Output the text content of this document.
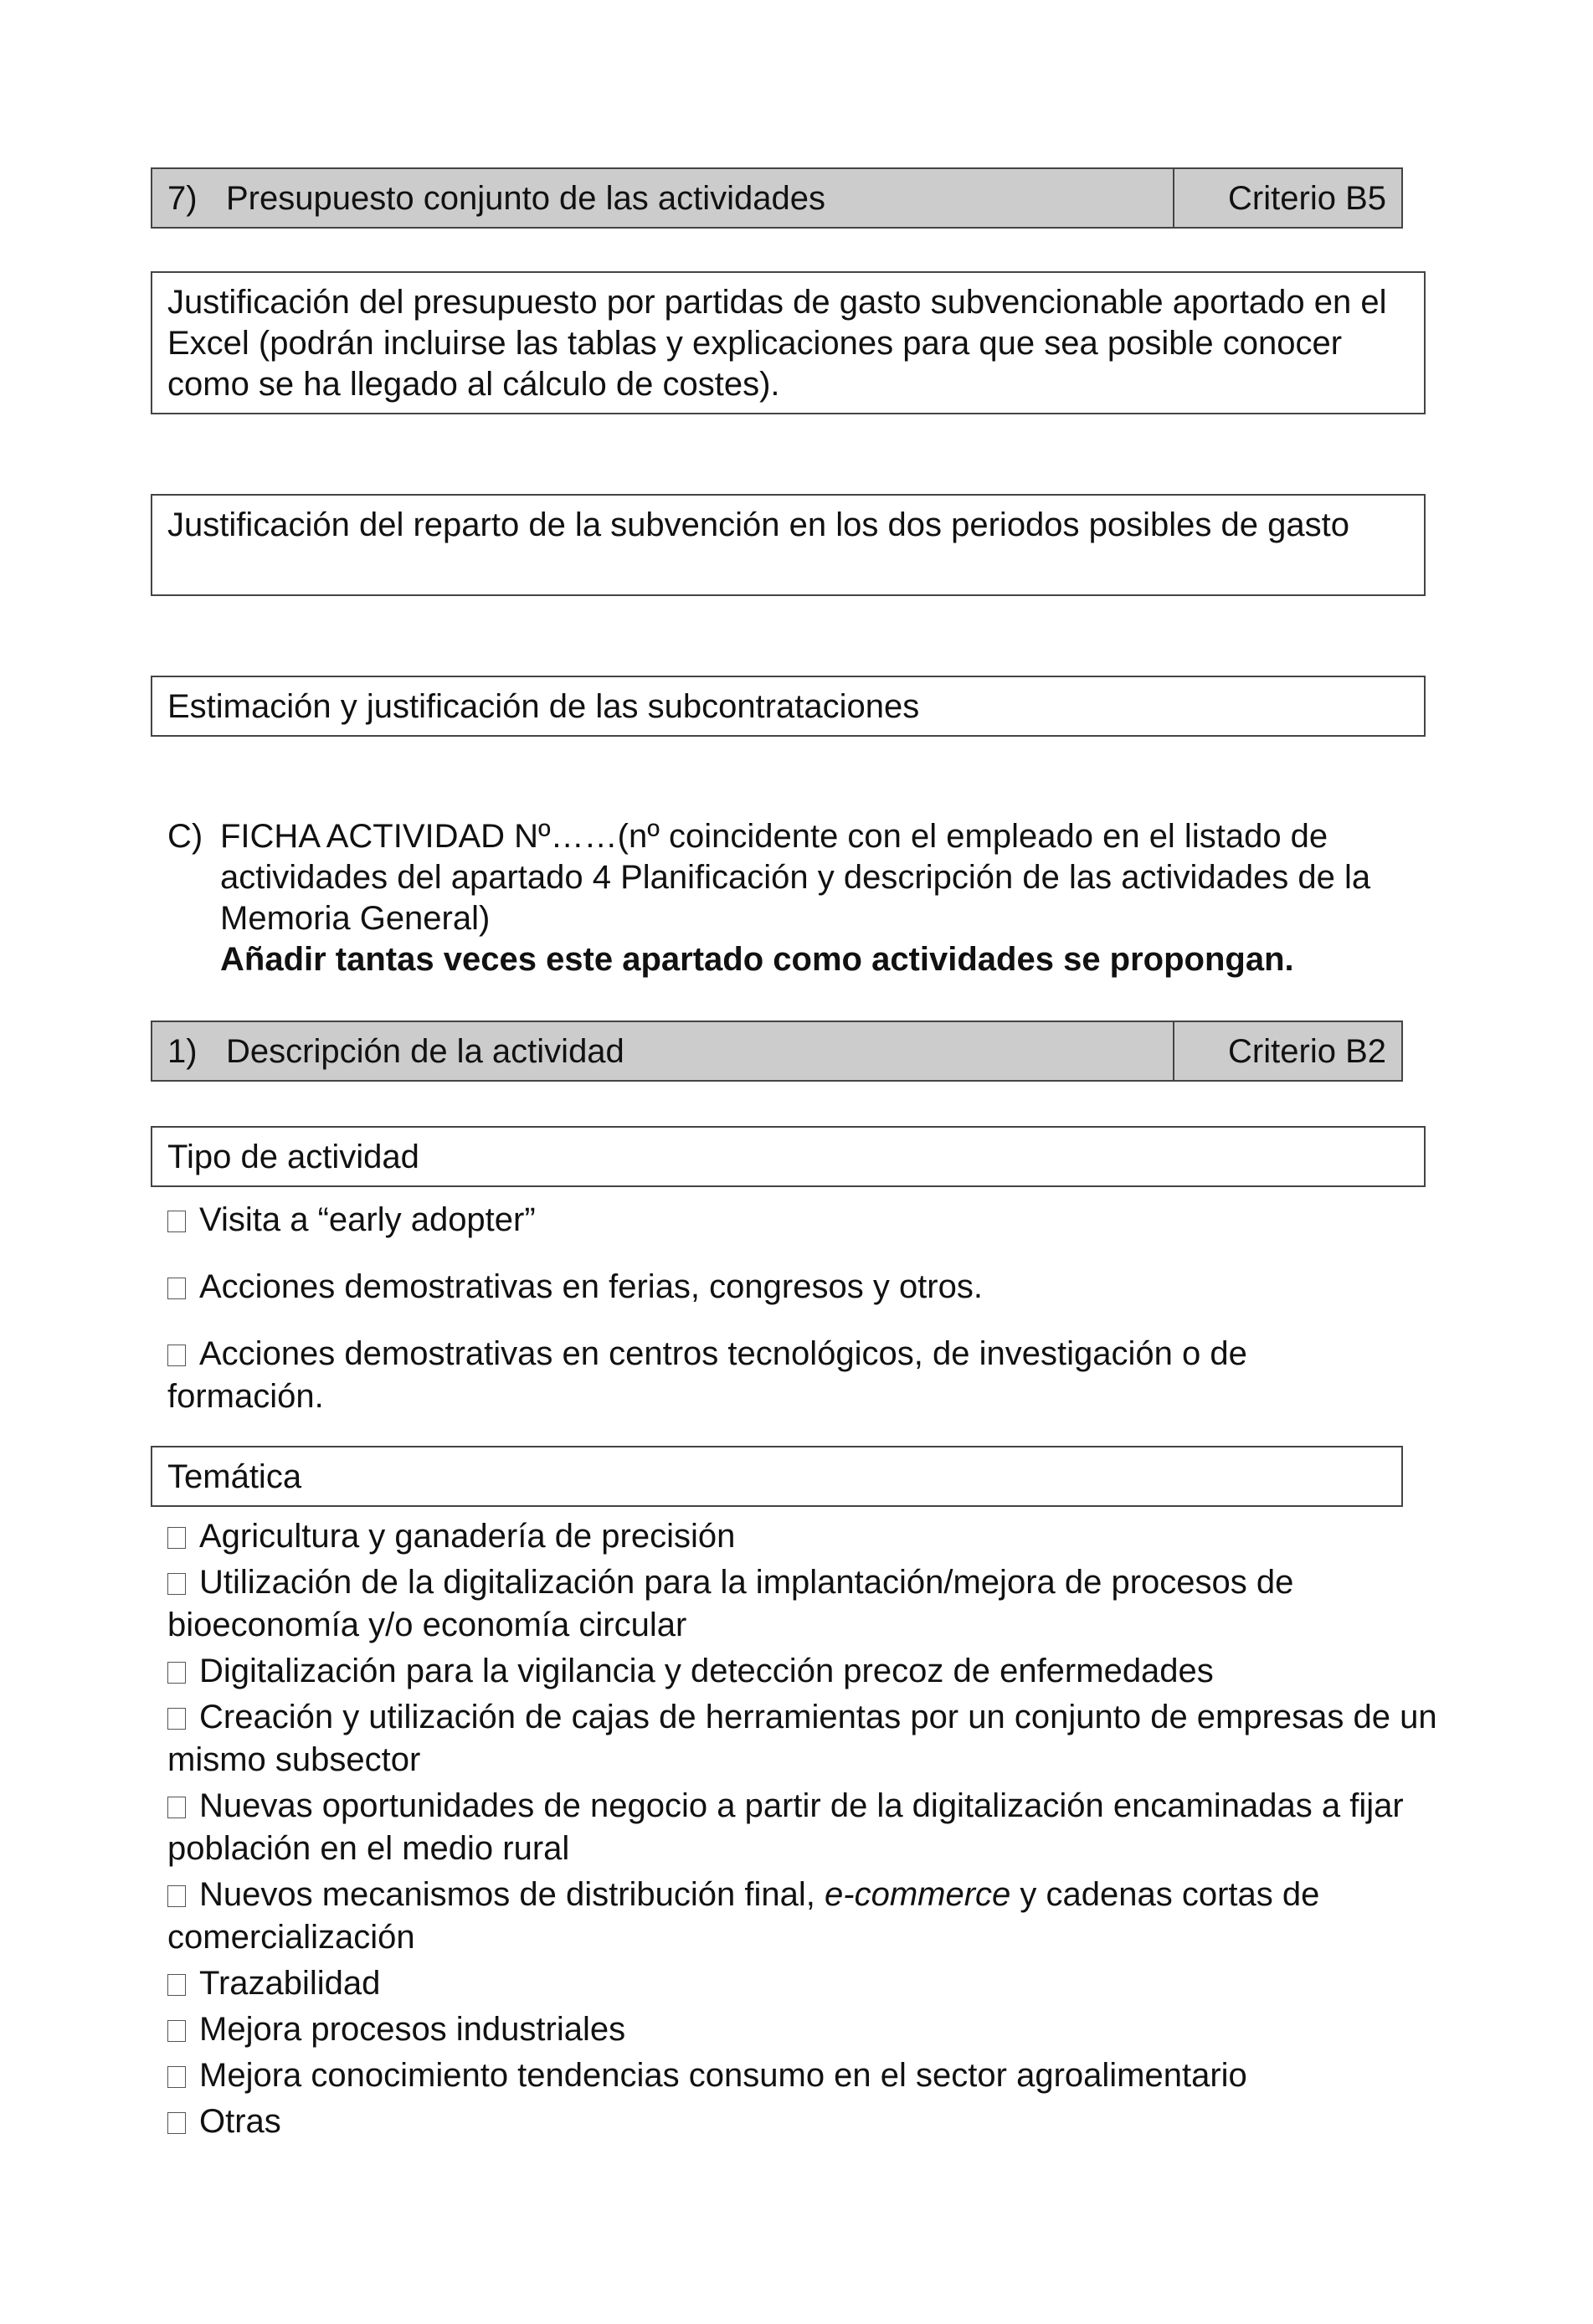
7) Presupuesto conjunto de las actividades	Criterio B5
Justificación del presupuesto por partidas de gasto subvencionable aportado en el Excel (podrán incluirse las tablas y explicaciones para que sea posible conocer como se ha llegado al cálculo de costes).
Justificación del reparto de la subvención en los dos periodos posibles de gasto
Estimación y justificación de las subcontrataciones
C) FICHA ACTIVIDAD Nº……(nº coincidente con el empleado en el listado de actividades del apartado 4 Planificación y descripción de las actividades de la Memoria General)
Añadir tantas veces este apartado como actividades se propongan.
1) Descripción de la actividad	Criterio B2
Tipo de actividad
Visita a “early adopter”
Acciones demostrativas en ferias, congresos y otros.
Acciones demostrativas en centros tecnológicos, de investigación o de formación.
Temática
Agricultura y ganadería de precisión
Utilización de la digitalización para la implantación/mejora de procesos de bioeconomía y/o economía circular
Digitalización para la vigilancia y detección precoz de enfermedades
Creación y utilización de cajas de herramientas por un conjunto de empresas de un mismo subsector
Nuevas oportunidades de negocio a partir de la digitalización encaminadas a fijar población en el medio rural
Nuevos mecanismos de distribución final, e-commerce y cadenas cortas de comercialización
Trazabilidad
Mejora procesos industriales
Mejora conocimiento tendencias consumo en el sector agroalimentario
Otras
